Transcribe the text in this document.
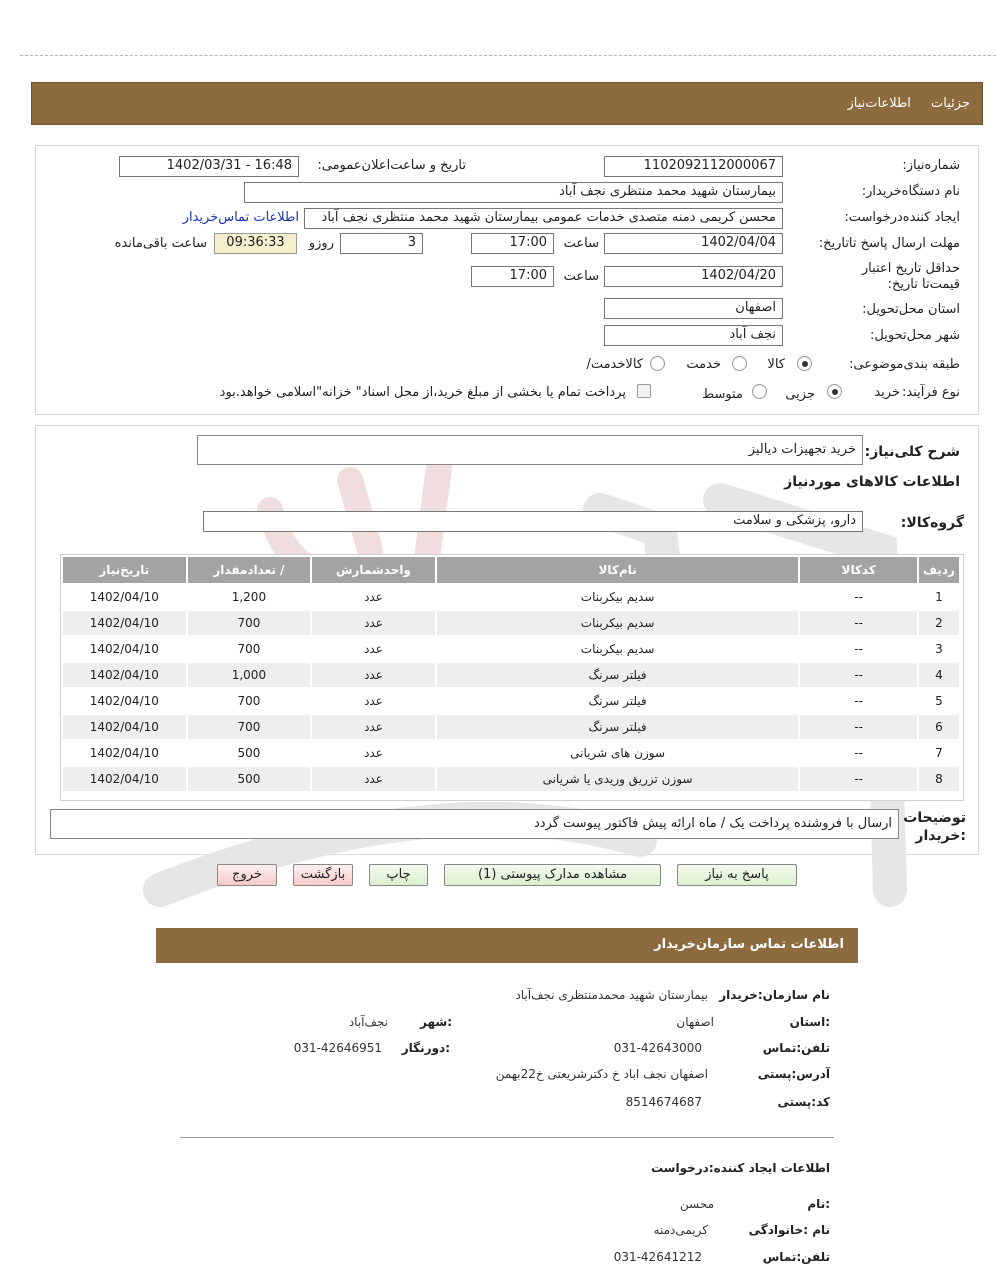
جزئیات اطلاعات‌نیاز
شماره‌نیاز:
1102092112000067
تاریخ و ساعت‌اعلان‌عمومی:
1402/03/31 - 16:48
نام دستگاه‌خریدار:
بیمارستان شهید محمد منتظری نجف آباد
ایجاد کننده‌درخواست:
محسن کریمی دمنه متصدی خدمات عمومی بیمارستان شهید محمد منتظری نجف آباد
اطلاعات تماس‌خریدار
مهلت ارسال پاسخ تا‌تاریخ:
1402/04/04
ساعت
17:00
3
روزو
09:36:33
ساعت باقی‌مانده
حداقل تاریخ اعتبار قیمت‌تا تاریخ:
1402/04/20
ساعت
17:00
استان محل‌تحویل:
اصفهان
شهر محل‌تحویل:
نجف آباد
طبقه بندی‌موضوعی:
کالا
خدمت
کالا‌خدمت/
نوع فرآیند:
خرید
جزیی
متوسط
پرداخت تمام یا بخشی از مبلغ خرید،از محل اسناد" خزانه"اسلامی خواهد.بود
شرح کلی‌نیاز:
خرید تجهیزات دیالیز
اطلاعات کالاهای موردنیاز
گروه‌کالا:
دارو، پزشکی و سلامت
ردیف	کدکالا	نام‌کالا	واحدشمارش	/ تعدادمقدار	تاریخ‌نیاز
1	--	سدیم بیکربنات	عدد	1,200	1402/04/10
2	--	سدیم بیکربنات	عدد	700	1402/04/10
3	--	سدیم بیکربنات	عدد	700	1402/04/10
4	--	فیلتر سرنگ	عدد	1,000	1402/04/10
5	--	فیلتر سرنگ	عدد	700	1402/04/10
6	--	فیلتر سرنگ	عدد	700	1402/04/10
7	--	سوزن های شریانی	عدد	500	1402/04/10
8	--	سوزن تزریق وریدی یا شریانی	عدد	500	1402/04/10
توضیحات
:خریدار
ارسال با فروشنده پرداخت یک / ماه ارائه پیش فاکتور پیوست گردد
پاسخ به نیاز
مشاهده مدارک پیوستی (1)
چاپ
بازگشت
خروج
اطلاعات تماس سازمان‌خریدار
نام سازمان:خریدار
بیمارستان شهید محمدمنتظری نجف‌آباد
:استان
اصفهان
:شهر
نجف‌آباد
تلفن:تماس
031-42643000
:دورنگار
031-42646951
آدرس:پستی
اصفهان نجف اباد خ دکترشریعتی خ22بهمن
کد:پستی
8514674687
اطلاعات ایجاد کننده:درخواست
:نام
محسن
نام :خانوادگی
کریمی‌دمنه
تلفن:تماس
031-42641212
